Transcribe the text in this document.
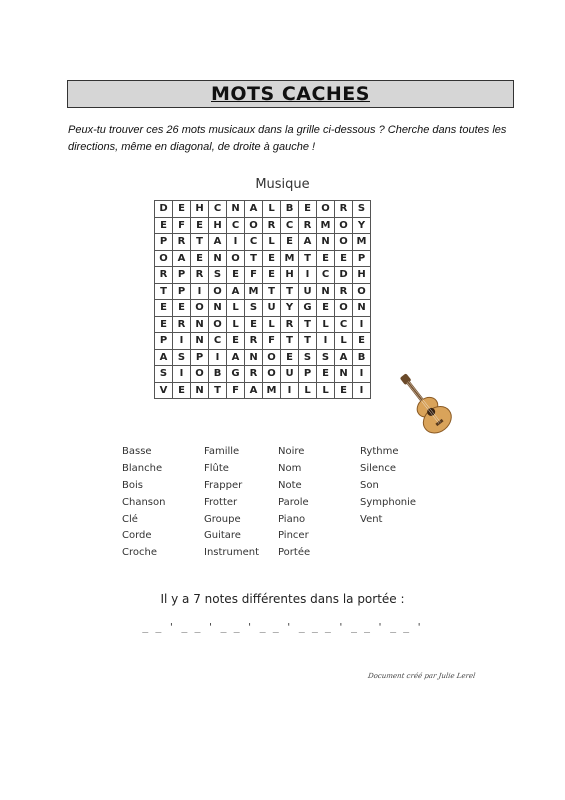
MOTS CACHES
Peux-tu trouver ces 26 mots musicaux dans la grille ci-dessous ? Cherche dans toutes les directions, même en diagonal, de droite à gauche !
Musique
D	E	H	C	N	A	L	B	E	O	R	S
E	F	E	H	C	O	R	C	R	M	O	Y
P	R	T	A	I	C	L	E	A	N	O	M
O	A	E	N	O	T	E	M	T	E	E	P
R	P	R	S	E	F	E	H	I	C	D	H
T	P	I	O	A	M	T	T	U	N	R	O
E	E	O	N	L	S	U	Y	G	E	O	N
E	R	N	O	L	E	L	R	T	L	C	I
P	I	N	C	E	R	F	T	T	I	L	E
A	S	P	I	A	N	O	E	S	S	A	B
S	I	O	B	G	R	O	U	P	E	N	I
V	E	N	T	F	A	M	I	L	L	E	I
Basse
Blanche
Bois
Chanson
Clé
Corde
Croche
Famille
Flûte
Frapper
Frotter
Groupe
Guitare
Instrument
Noire
Nom
Note
Parole
Piano
Pincer
Portée
Rythme
Silence
Son
Symphonie
Vent
Il y a 7 notes différentes dans la portée :
_ _ ' _ _ ' _ _ ' _ _ ' _ _ _ ' _ _ ' _ _ '
Document créé par Julie Lerel
